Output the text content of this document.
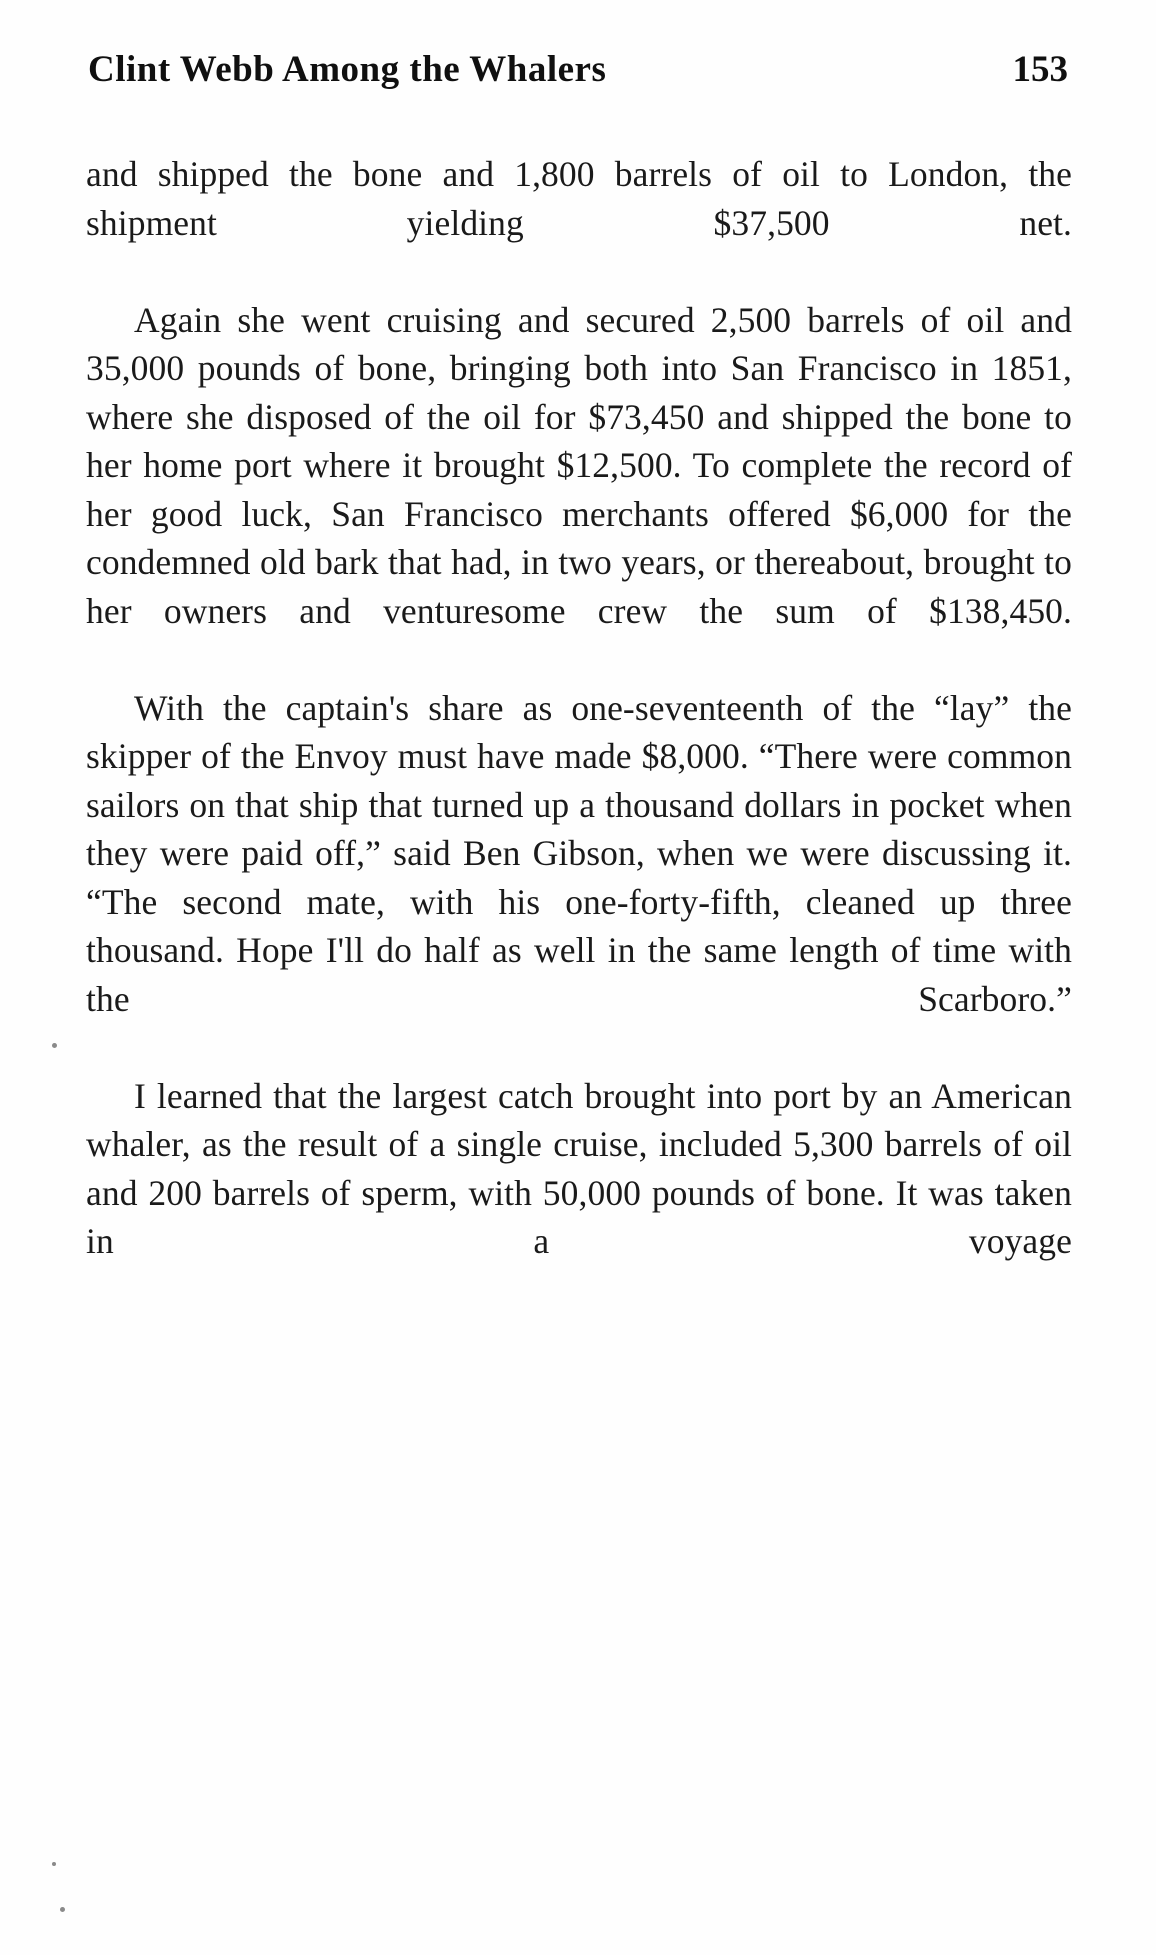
Clint Webb Among the Whalers	153

and shipped the bone and 1,800 barrels of oil to London, the shipment yielding $37,500 net.

Again she went cruising and secured 2,500 barrels of oil and 35,000 pounds of bone, bringing both into San Francisco in 1851, where she disposed of the oil for $73,450 and shipped the bone to her home port where it brought $12,500. To complete the record of her good luck, San Francisco merchants offered $6,000 for the condemned old bark that had, in two years, or thereabout, brought to her owners and venturesome crew the sum of $138,450.

With the captain's share as one-seventeenth of the “lay” the skipper of the Envoy must have made $8,000. “There were common sailors on that ship that turned up a thousand dollars in pocket when they were paid off,” said Ben Gibson, when we were discussing it. “The second mate, with his one-forty-fifth, cleaned up three thousand. Hope I'll do half as well in the same length of time with the Scarboro.”

I learned that the largest catch brought into port by an American whaler, as the result of a single cruise, included 5,300 barrels of oil and 200 barrels of sperm, with 50,000 pounds of bone. It was taken in a voyage
